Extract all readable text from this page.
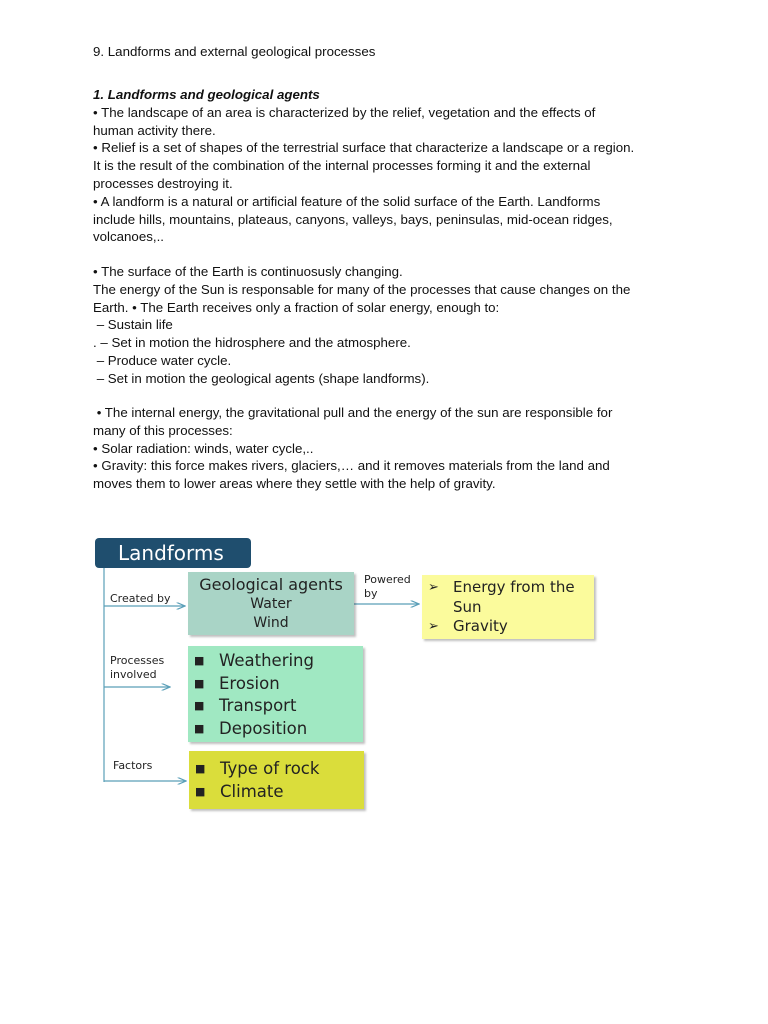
9. Landforms and external geological processes

1. Landforms and geological agents

• The landscape of an area is characterized by the relief, vegetation and the effects of

human activity there.

• Relief is a set of shapes of the terrestrial surface that characterize a landscape or a region.

It is the result of the combination of the internal processes forming it and the external

processes destroying it.

• A landform is a natural or artificial feature of the solid surface of the Earth. Landforms

include hills, mountains, plateaus, canyons, valleys, bays, peninsulas, mid-ocean ridges,

volcanoes,..

• The surface of the Earth is continuosusly changing.

The energy of the Sun is responsable for many of the processes that cause changes on the

Earth. • The Earth receives only a fraction of solar energy, enough to:

– Sustain life

. – Set in motion the hidrosphere and the atmosphere.

– Produce water cycle.

– Set in motion the geological agents (shape landforms).

• The internal energy, the gravitational pull and the energy of the sun are responsible for

many of this processes:

• Solar radiation: winds, water cycle,..

• Gravity: this force makes rivers, glaciers,… and it removes materials from the land and

moves them to lower areas where they settle with the help of gravity.

Landforms
Created by
Powered
by
Processes
involved
Factors
Geological agents
Water
Wind
➢ Energy from the
Sun
➢ Gravity
■ Weathering
■ Erosion
■ Transport
■ Deposition
■ Type of rock
■ Climate
